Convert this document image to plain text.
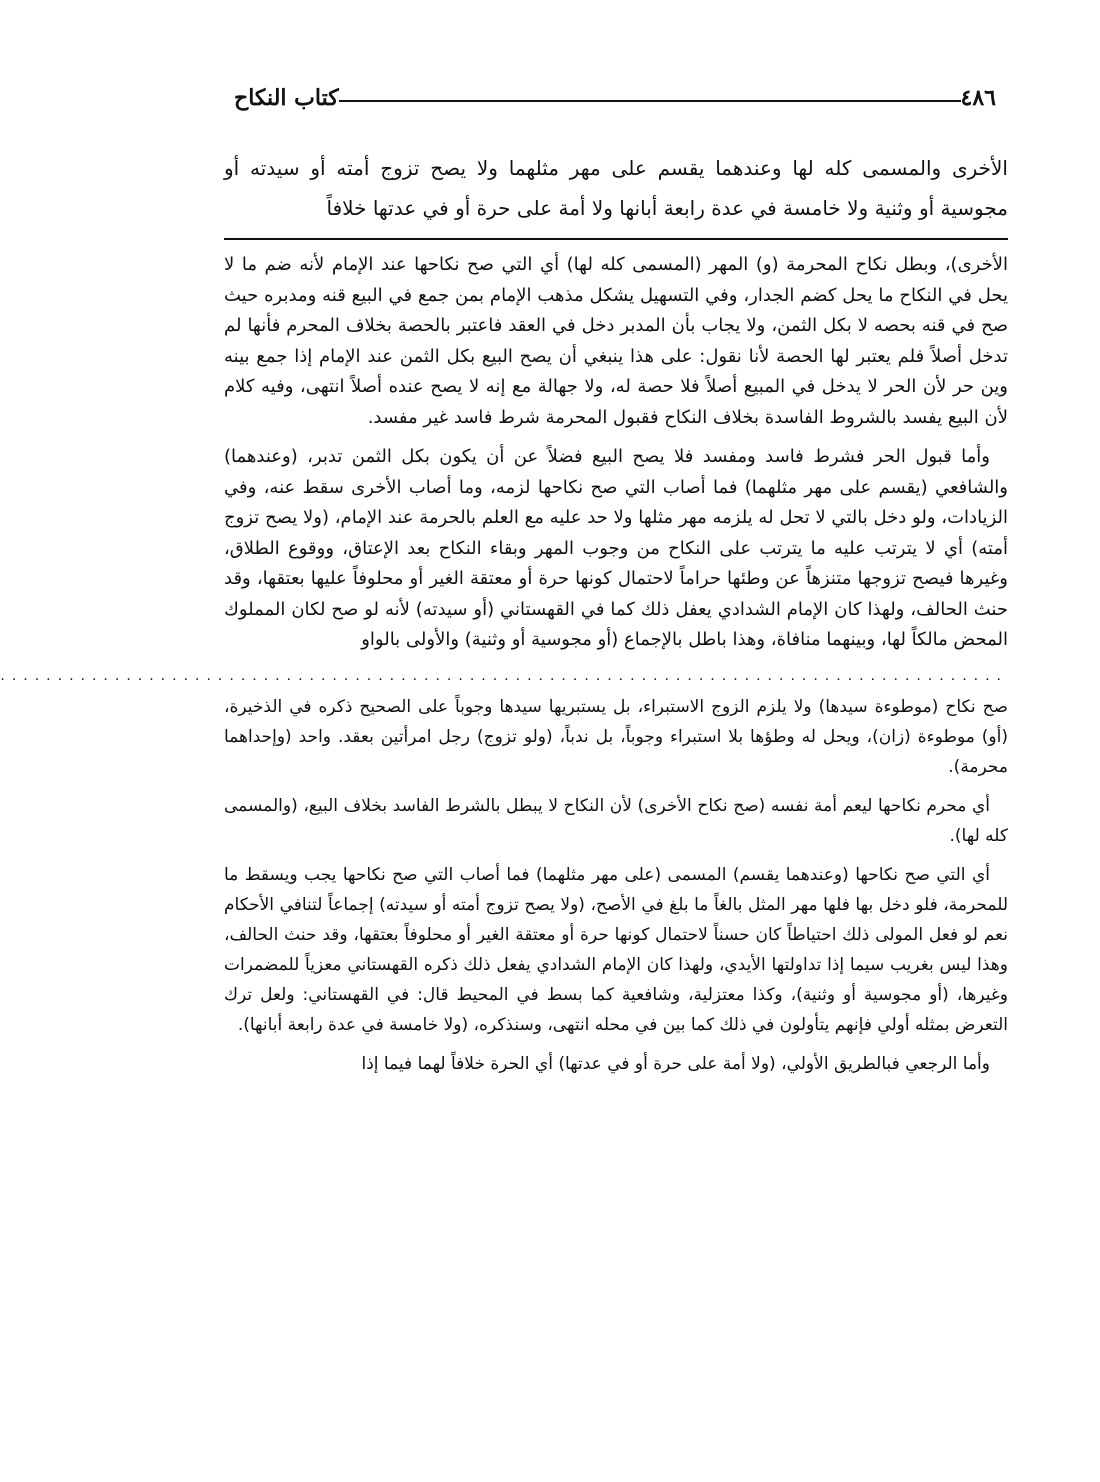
٤٨٦
كتاب النكاح
الأخرى والمسمى كله لها وعندهما يقسم على مهر مثلهما ولا يصح تزوج أمته أو سيدته أو مجوسية أو وثنية ولا خامسة في عدة رابعة أبانها ولا أمة على حرة أو في عدتها خلافاً

الأخرى)، وبطل نكاح المحرمة (و) المهر (المسمى كله لها) أي التي صح نكاحها عند الإمام لأنه ضم ما لا يحل في النكاح ما يحل كضم الجدار، وفي التسهيل يشكل مذهب الإمام بمن جمع في البيع قنه ومدبره حيث صح في قنه بحصه لا بكل الثمن، ولا يجاب بأن المدبر دخل في العقد فاعتبر بالحصة بخلاف المحرم فأنها لم تدخل أصلاً فلم يعتبر لها الحصة لأنا نقول: على هذا ينبغي أن يصح البيع بكل الثمن عند الإمام إذا جمع بينه وين حر لأن الحر لا يدخل في المبيع أصلاً فلا حصة له، ولا جهالة مع إنه لا يصح عنده أصلاً انتهى، وفيه كلام لأن البيع يفسد بالشروط الفاسدة بخلاف النكاح فقبول المحرمة شرط فاسد غير مفسد.

وأما قبول الحر فشرط فاسد ومفسد فلا يصح البيع فضلاً عن أن يكون بكل الثمن تدبر، (وعندهما) والشافعي (يقسم على مهر مثلهما) فما أصاب التي صح نكاحها لزمه، وما أصاب الأخرى سقط عنه، وفي الزيادات، ولو دخل بالتي لا تحل له يلزمه مهر مثلها ولا حد عليه مع العلم بالحرمة عند الإمام، (ولا يصح تزوج أمته) أي لا يترتب عليه ما يترتب على النكاح من وجوب المهر وبقاء النكاح بعد الإعتاق، ووقوع الطلاق، وغيرها فيصح تزوجها متنزهاً عن وطئها حراماً لاحتمال كونها حرة أو معتقة الغير أو محلوفاً عليها بعتقها، وقد حنث الحالف، ولهذا كان الإمام الشدادي يعفل ذلك كما في القهستاني (أو سيدته) لأنه لو صح لكان المملوك المحض مالكاً لها، وبينهما منافاة، وهذا باطل بالإجماع (أو مجوسية أو وثنية) والأولى بالواو

........................................................................................

صح نكاح (موطوءة سيدها) ولا يلزم الزوج الاستبراء، بل يستبريها سيدها وجوباً على الصحيح ذكره في الذخيرة، (أو) موطوءة (زان)، ويحل له وطؤها بلا استبراء وجوباً، بل ندباً، (ولو تزوج) رجل امرأتين بعقد. واحد (وإحداهما محرمة).

أي محرم نكاحها ليعم أمة نفسه (صح نكاح الأخرى) لأن النكاح لا يبطل بالشرط الفاسد بخلاف البيع، (والمسمى كله لها).

أي التي صح نكاحها (وعندهما يقسم) المسمى (على مهر مثلهما) فما أصاب التي صح نكاحها يجب ويسقط ما للمحرمة، فلو دخل بها فلها مهر المثل بالغاً ما بلغ في الأصح، (ولا يصح تزوج أمته أو سيدته) إجماعاً لتنافي الأحكام نعم لو فعل المولى ذلك احتياطاً كان حسناً لاحتمال كونها حرة أو معتقة الغير أو محلوفاً بعتقها، وقد حنث الحالف، وهذا ليس بغريب سيما إذا تداولتها الأيدي، ولهذا كان الإمام الشدادي يفعل ذلك ذكره القهستاني معزياً للمضمرات وغيرها، (أو مجوسية أو وثنية)، وكذا معتزلية، وشافعية كما بسط في المحيط قال: في القهستاني: ولعل ترك التعرض بمثله أولي فإنهم يتأولون في ذلك كما بين في محله انتهى، وسنذكره، (ولا خامسة في عدة رابعة أبانها).

وأما الرجعي فبالطريق الأولي، (ولا أمة على حرة أو في عدتها) أي الحرة خلافاً لهما فيما إذا
